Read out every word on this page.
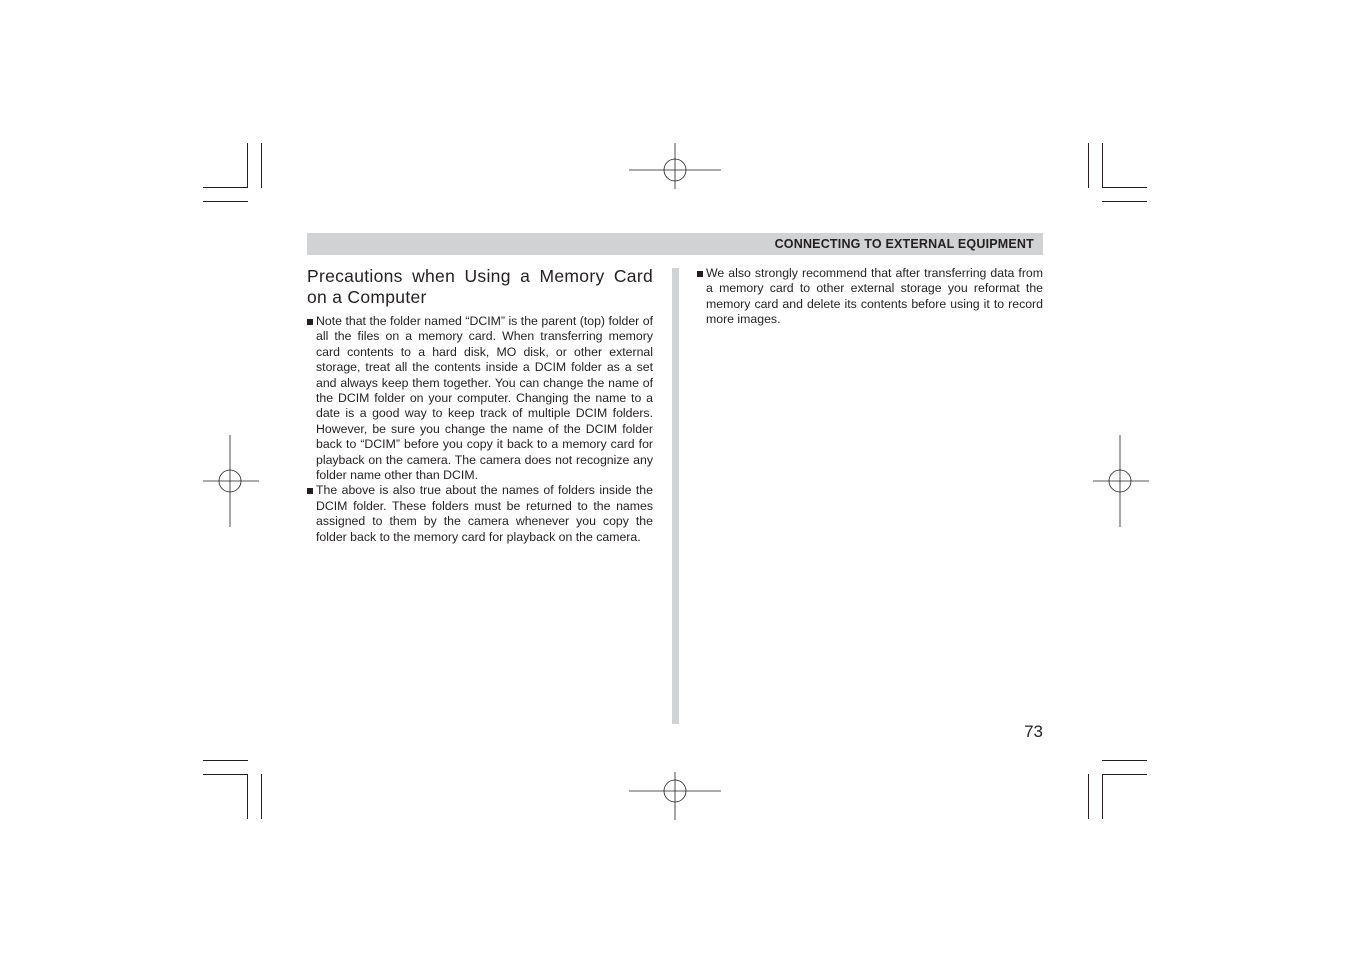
CONNECTING TO EXTERNAL EQUIPMENT
Precautions when Using a Memory Card on a Computer

Note that the folder named “DCIM” is the parent (top) folder of all the files on a memory card. When transferring memory card contents to a hard disk, MO disk, or other external storage, treat all the contents inside a DCIM folder as a set and always keep them together. You can change the name of the DCIM folder on your computer. Changing the name to a date is a good way to keep track of multiple DCIM folders. However, be sure you change the name of the DCIM folder back to “DCIM” before you copy it back to a memory card for playback on the camera. The camera does not recognize any folder name other than DCIM.

The above is also true about the names of folders inside the DCIM folder. These folders must be returned to the names assigned to them by the camera whenever you copy the folder back to the memory card for playback on the camera.

We also strongly recommend that after transferring data from a memory card to other external storage you reformat the memory card and delete its contents before using it to record more images.

73
